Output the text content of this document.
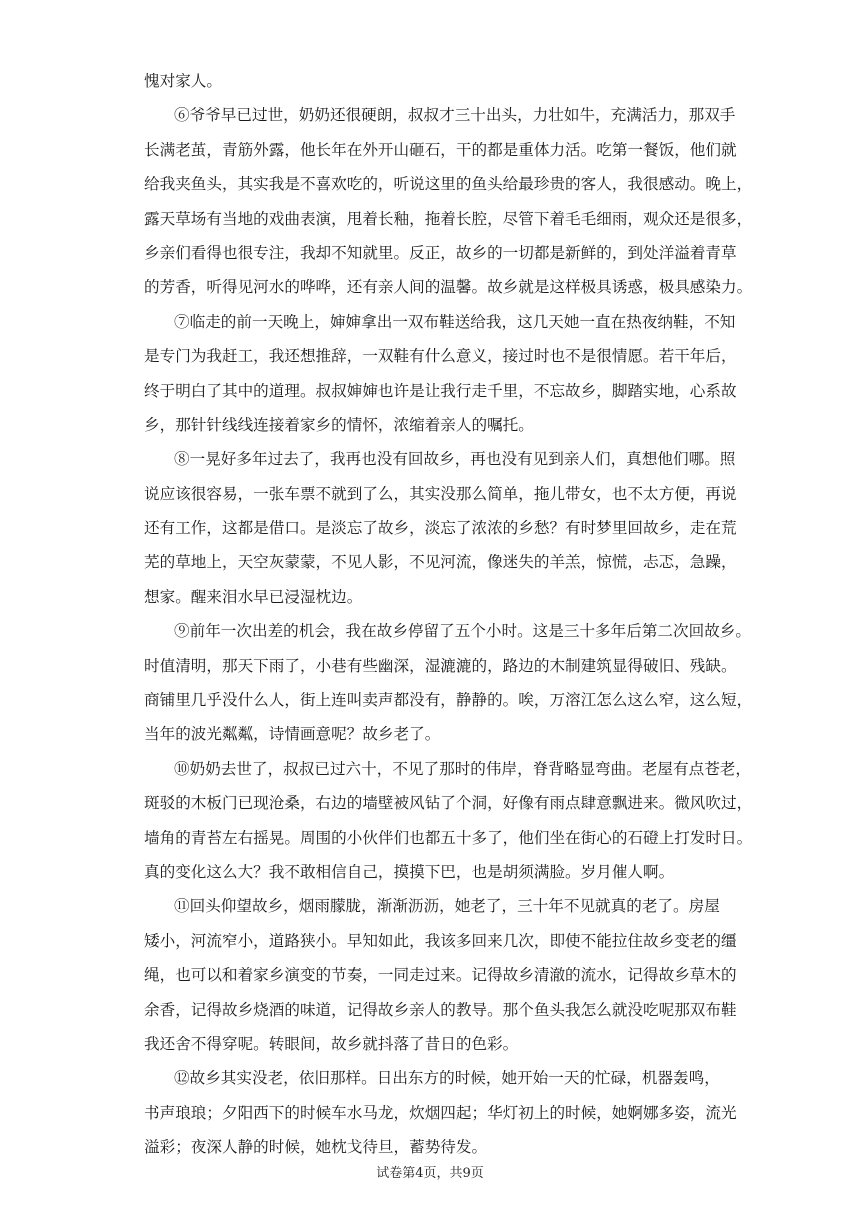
愧对家人。
⑥爷爷早已过世，奶奶还很硬朗，叔叔才三十出头，力壮如牛，充满活力，那双手
长满老茧，青筋外露，他长年在外开山砸石，干的都是重体力活。吃第一餐饭，他们就
给我夹鱼头，其实我是不喜欢吃的，听说这里的鱼头给最珍贵的客人，我很感动。晚上，
露天草场有当地的戏曲表演，甩着长釉，拖着长腔，尽管下着毛毛细雨，观众还是很多，
乡亲们看得也很专注，我却不知就里。反正，故乡的一切都是新鲜的，到处洋溢着青草
的芳香，听得见河水的哗哗，还有亲人间的温馨。故乡就是这样极具诱惑，极具感染力。
⑦临走的前一天晚上，婶婶拿出一双布鞋送给我，这几天她一直在热夜纳鞋，不知
是专门为我赶工，我还想推辞，一双鞋有什么意义，接过时也不是很情愿。若干年后，
终于明白了其中的道理。叔叔婶婶也许是让我行走千里，不忘故乡，脚踏实地，心系故
乡，那针针线线连接着家乡的情怀，浓缩着亲人的嘱托。
⑧一晃好多年过去了，我再也没有回故乡，再也没有见到亲人们，真想他们哪。照
说应该很容易，一张车票不就到了么，其实没那么简单，拖儿带女，也不太方便，再说
还有工作，这都是借口。是淡忘了故乡，淡忘了浓浓的乡愁？有时梦里回故乡，走在荒
芜的草地上，天空灰蒙蒙，不见人影，不见河流，像迷失的羊羔，惊慌，忐忑，急躁，
想家。醒来泪水早已浸湿枕边。
⑨前年一次出差的机会，我在故乡停留了五个小时。这是三十多年后第二次回故乡。
时值清明，那天下雨了，小巷有些幽深，湿漉漉的，路边的木制建筑显得破旧、残缺。
商铺里几乎没什么人，街上连叫卖声都没有，静静的。唉，万溶江怎么这么窄，这么短，
当年的波光粼粼，诗情画意呢？故乡老了。
⑩奶奶去世了，叔叔已过六十，不见了那时的伟岸，脊背略显弯曲。老屋有点苍老，
斑驳的木板门已现沧桑，右边的墙壁被风钻了个洞，好像有雨点肆意飘进来。微风吹过，
墙角的青苔左右摇晃。周围的小伙伴们也都五十多了，他们坐在街心的石磴上打发时日。
真的变化这么大？我不敢相信自己，摸摸下巴，也是胡须满脸。岁月催人啊。
⑪回头仰望故乡，烟雨朦胧，渐渐沥沥，她老了，三十年不见就真的老了。房屋
矮小，河流窄小，道路狭小。早知如此，我该多回来几次，即使不能拉住故乡变老的缰
绳，也可以和着家乡演变的节奏，一同走过来。记得故乡清澈的流水，记得故乡草木的
余香，记得故乡烧酒的味道，记得故乡亲人的教导。那个鱼头我怎么就没吃呢那双布鞋
我还舍不得穿呢。转眼间，故乡就抖落了昔日的色彩。
⑫故乡其实没老，依旧那样。日出东方的时候，她开始一天的忙碌，机器轰鸣，
书声琅琅；夕阳西下的时候车水马龙，炊烟四起；华灯初上的时候，她婀娜多姿，流光
溢彩；夜深人静的时候，她枕戈待旦，蓄势待发。
试卷第4页，共9页
